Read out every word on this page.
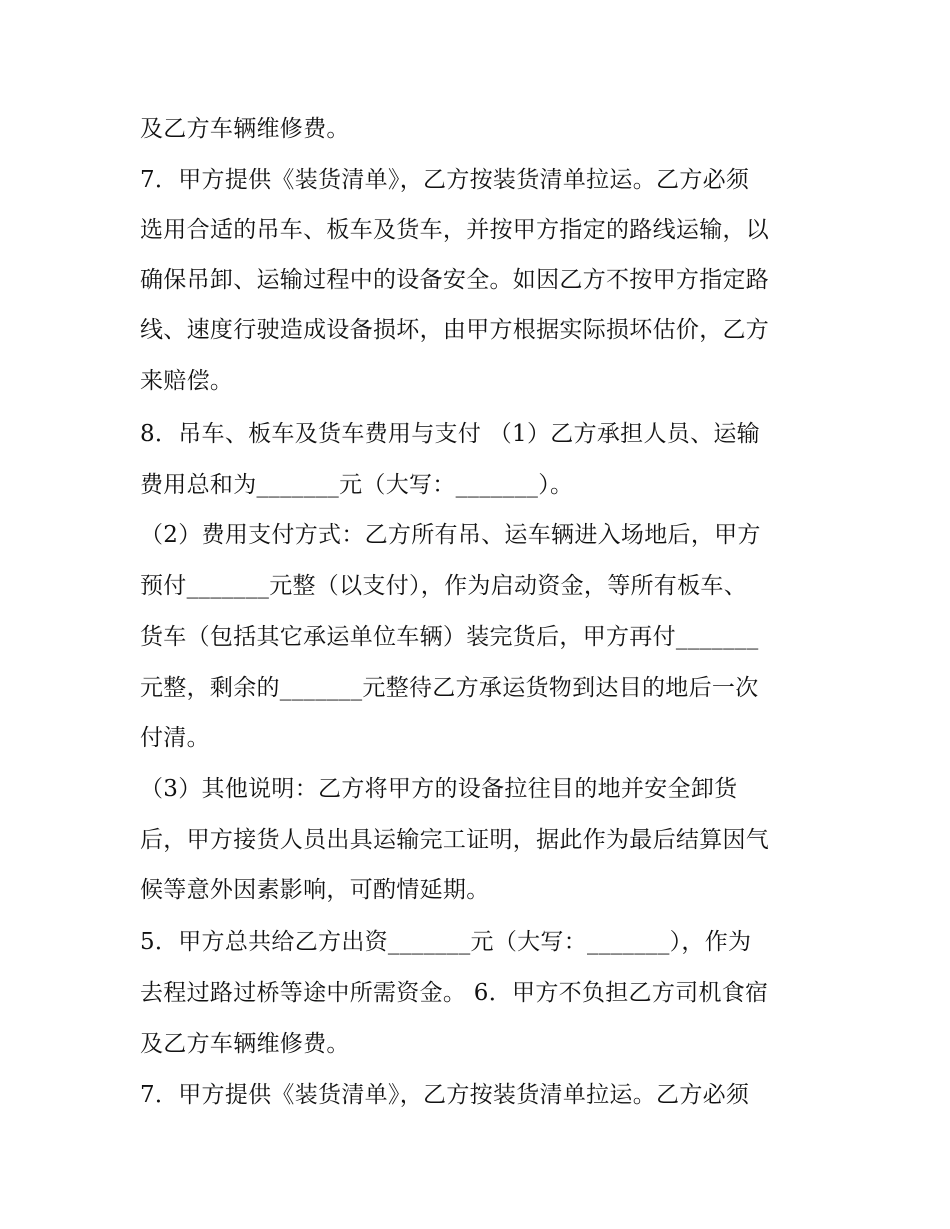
及乙方车辆维修费。
7．甲方提供《装货清单》，乙方按装货清单拉运。乙方必须
选用合适的吊车、板车及货车，并按甲方指定的路线运输，以
确保吊卸、运输过程中的设备安全。如因乙方不按甲方指定路
线、速度行驶造成设备损坏，由甲方根据实际损坏估价，乙方
来赔偿。
8．吊车、板车及货车费用与支付 （1）乙方承担人员、运输
费用总和为_______元（大写：_______）。
（2）费用支付方式：乙方所有吊、运车辆进入场地后，甲方
预付_______元整（以支付），作为启动资金，等所有板车、
货车（包括其它承运单位车辆）装完货后，甲方再付_______
元整，剩余的_______元整待乙方承运货物到达目的地后一次
付清。
（3）其他说明：乙方将甲方的设备拉往目的地并安全卸货
后，甲方接货人员出具运输完工证明，据此作为最后结算因气
候等意外因素影响，可酌情延期。
5．甲方总共给乙方出资_______元（大写：_______），作为
去程过路过桥等途中所需资金。 6．甲方不负担乙方司机食宿
及乙方车辆维修费。
7．甲方提供《装货清单》，乙方按装货清单拉运。乙方必须
